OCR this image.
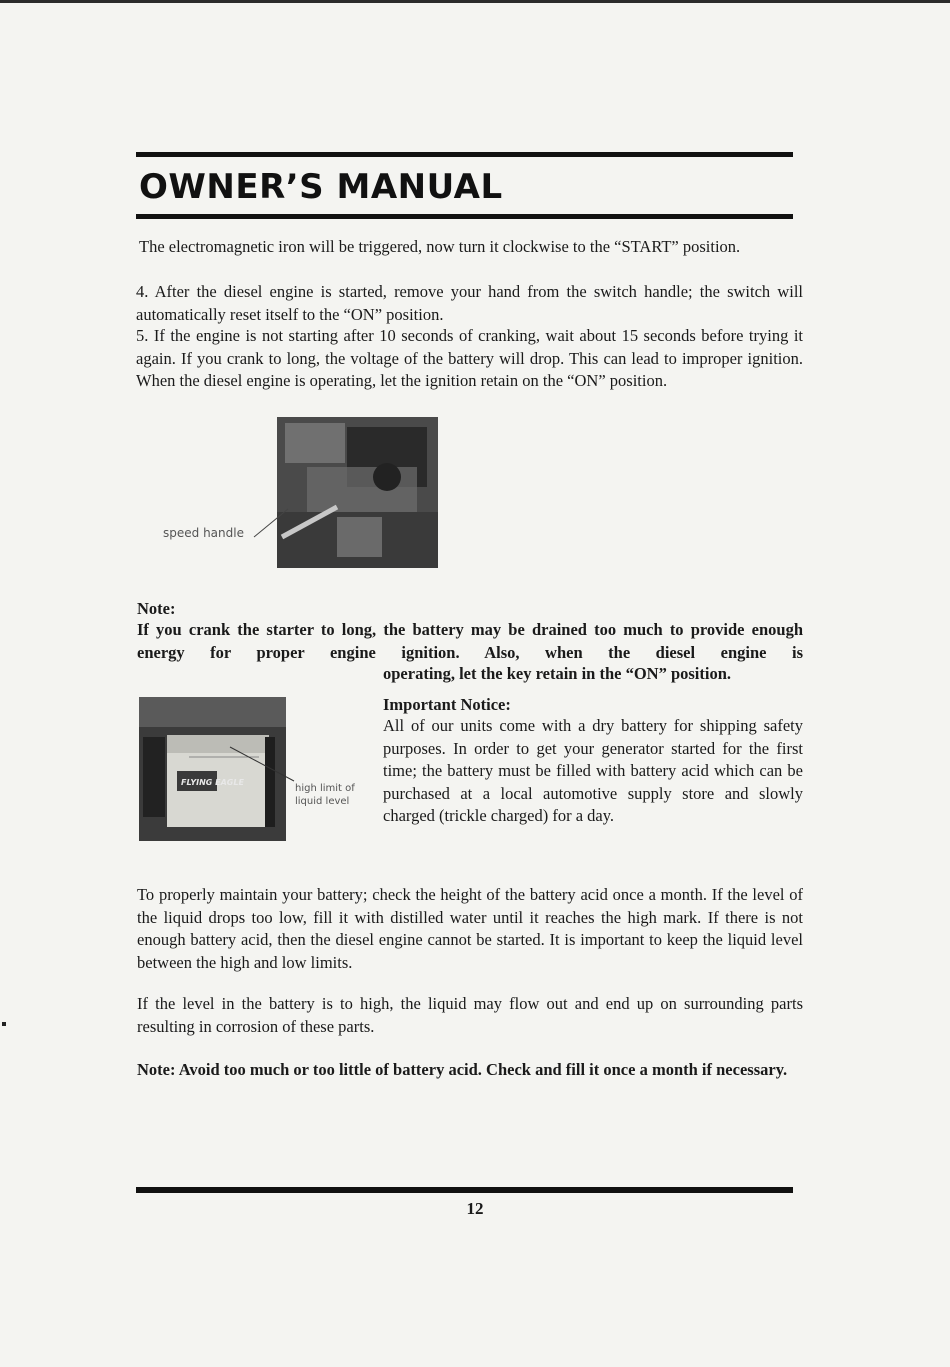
OWNER’S MANUAL
The electromagnetic iron will be triggered, now turn it clockwise to the “START” position.
4. After the diesel engine is started, remove your hand from the switch handle; the switch will automatically reset itself to the “ON” position.
5. If the engine is not starting after 10 seconds of cranking, wait about 15 seconds before trying it again. If you crank to long, the voltage of the battery will drop. This can lead to improper ignition. When the diesel engine is operating, let the ignition retain on the “ON” position.
speed handle
Note:
If you crank the starter to long, the battery may be drained too much to provide enough energy for proper engine ignition. Also, when the diesel engine is
operating, let the key retain in the “ON” position.
FLYING EAGLE
high limit of
liquid level
Important Notice:
All of our units come with a dry battery for shipping safety purposes. In order to get your generator started for the first time; the battery must be filled with battery acid which can be purchased at a local automotive supply store and slowly charged (trickle charged) for a day.
To properly maintain your battery; check the height of the battery acid once a month. If the level of the liquid drops too low, fill it with distilled water until it reaches the high mark. If there is not enough battery acid, then the diesel engine cannot be started. It is important to keep the liquid level between the high and low limits.
If the level in the battery is to high, the liquid may flow out and end up on surrounding parts resulting in corrosion of these parts.
Note: Avoid too much or too little of battery acid. Check and fill it once a month if necessary.
12
